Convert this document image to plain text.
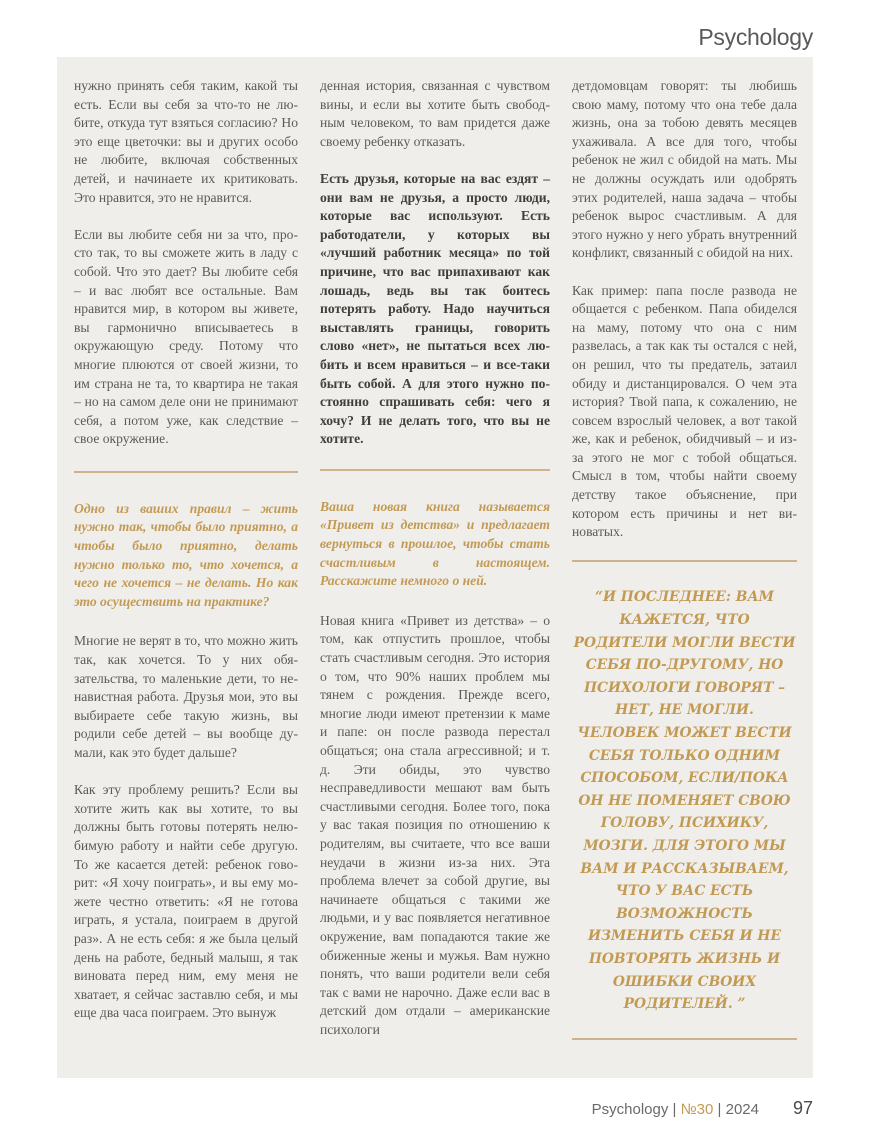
Psychology

нужно принять себя таким, какой ты есть. Если вы себя за что-то не любите, откуда тут взяться согласию? Но это еще цветочки: вы и других особо не любите, включая собственных детей, и начинаете их критиковать. Это нравится, это не нравится.

Если вы любите себя ни за что, просто так, то вы сможете жить в ладу с собой. Что это дает? Вы любите себя – и вас любят все остальные. Вам нравится мир, в котором вы живете, вы гармонично вписываетесь в окружающую среду. Потому что многие плюются от своей жизни, то им страна не та, то квартира не такая – но на самом деле они не принимают себя, а потом уже, как следствие – свое окружение.

Одно из ваших правил – жить нужно так, чтобы было приятно, а чтобы было приятно, делать нужно только то, что хочется, а чего не хочется – не делать. Но как это осуществить на практике?

Многие не верят в то, что можно жить так, как хочется. То у них обязательства, то маленькие дети, то ненавистная работа. Друзья мои, это вы выбираете себе такую жизнь, вы родили себе детей – вы вообще думали, как это будет дальше?

Как эту проблему решить? Если вы хотите жить как вы хотите, то вы должны быть готовы потерять нелюбимую работу и найти себе другую. То же касается детей: ребенок говорит: «Я хочу поиграть», и вы ему можете честно ответить: «Я не готова играть, я устала, поиграем в другой раз». А не есть себя: я же была целый день на работе, бедный малыш, я так виновата перед ним, ему меня не хватает, я сейчас заставлю себя, и мы еще два часа поиграем. Это вынуж

денная история, связанная с чувством вины, и если вы хотите быть свободным человеком, то вам придется даже своему ребенку отказать.

Есть друзья, которые на вас ездят – они вам не друзья, а просто люди, которые вас используют. Есть работодатели, у которых вы «лучший работник месяца» по той причине, что вас припахивают как лошадь, ведь вы так боитесь потерять работу. Надо научиться выставлять границы, говорить слово «нет», не пытаться всех любить и всем нравиться – и все-таки быть собой. А для этого нужно постоянно спрашивать себя: чего я хочу? И не делать того, что вы не хотите.

Ваша новая книга называется «Привет из детства» и предлагает вернуться в прошлое, чтобы стать счастливым в настоящем. Расскажите немного о ней.

Новая книга «Привет из детства» – о том, как отпустить прошлое, чтобы стать счастливым сегодня. Это история о том, что 90% наших проблем мы тянем с рождения. Прежде всего, многие люди имеют претензии к маме и папе: он после развода перестал общаться; она стала агрессивной; и т. д. Эти обиды, это чувство несправедливости мешают вам быть счастливыми сегодня. Более того, пока у вас такая позиция по отношению к родителям, вы считаете, что все ваши неудачи в жизни из-за них. Эта проблема влечет за собой другие, вы начинаете общаться с такими же людьми, и у вас появляется негативное окружение, вам попадаются такие же обиженные жены и мужья. Вам нужно понять, что ваши родители вели себя так с вами не нарочно. Даже если вас в детский дом отдали – американские психологи

детдомовцам говорят: ты любишь свою маму, потому что она тебе дала жизнь, она за тобою девять месяцев ухаживала. А все для того, чтобы ребенок не жил с обидой на мать. Мы не должны осуждать или одобрять этих родителей, наша задача – чтобы ребенок вырос счастливым. А для этого нужно у него убрать внутренний конфликт, связанный с обидой на них.

Как пример: папа после развода не общается с ребенком. Папа обиделся на маму, потому что она с ним развелась, а так как ты остался с ней, он решил, что ты предатель, затаил обиду и дистанцировался. О чем эта история? Твой папа, к сожалению, не совсем взрослый человек, а вот такой же, как и ребенок, обидчивый – и из-за этого не мог с тобой общаться. Смысл в том, чтобы найти своему детству такое объяснение, при котором есть причины и нет виноватых.

“И ПОСЛЕДНЕЕ: ВАМ КАЖЕТСЯ, ЧТО РОДИТЕЛИ МОГЛИ ВЕСТИ СЕБЯ ПО-ДРУГОМУ, НО ПСИХОЛОГИ ГОВОРЯТ – НЕТ, НЕ МОГЛИ. ЧЕЛОВЕК МОЖЕТ ВЕСТИ СЕБЯ ТОЛЬКО ОДНИМ СПОСОБОМ, ЕСЛИ/ПОКА ОН НЕ ПОМЕНЯЕТ СВОЮ ГОЛОВУ, ПСИХИКУ, МОЗГИ. ДЛЯ ЭТОГО МЫ ВАМ И РАССКАЗЫВАЕМ, ЧТО У ВАС ЕСТЬ ВОЗМОЖНОСТЬ ИЗМЕНИТЬ СЕБЯ И НЕ ПОВТОРЯТЬ ЖИЗНЬ И ОШИБКИ СВОИХ РОДИТЕЛЕЙ. ”

Psychology | №30 | 2024 97
